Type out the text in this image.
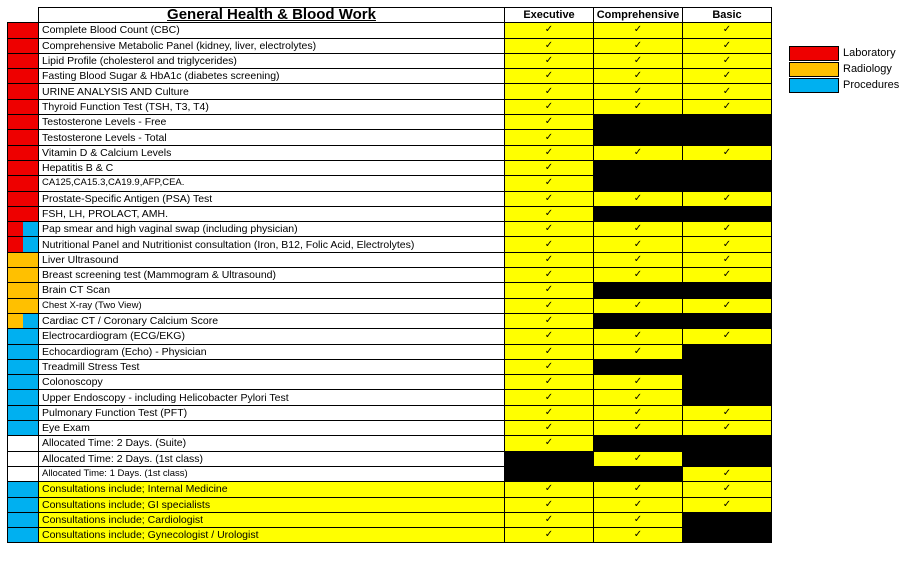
	General Health & Blood Work	Executive	Comprehensive	Basic
	Complete Blood Count (CBC)	✓	✓	✓
	Comprehensive Metabolic Panel (kidney, liver, electrolytes)	✓	✓	✓
	Lipid Profile (cholesterol and triglycerides)	✓	✓	✓
	Fasting Blood Sugar & HbA1c (diabetes screening)	✓	✓	✓
	URINE ANALYSIS AND Culture	✓	✓	✓
	Thyroid Function Test (TSH, T3, T4)	✓	✓	✓
	Testosterone Levels - Free	✓		
	Testosterone Levels - Total	✓		
	Vitamin D & Calcium Levels	✓	✓	✓
	Hepatitis B & C	✓		
	CA125,CA15.3,CA19.9,AFP,CEA.	✓		
	Prostate-Specific Antigen (PSA) Test	✓	✓	✓
	FSH, LH, PROLACT, AMH.	✓		

	Pap smear and high vaginal swap (including physician)	✓	✓	✓

	Nutritional Panel and Nutritionist consultation (Iron, B12, Folic Acid, Electrolytes)	✓	✓	✓
	Liver Ultrasound	✓	✓	✓
	Breast screening test (Mammogram & Ultrasound)	✓	✓	✓
	Brain CT Scan	✓		
	Chest X-ray (Two View)	✓	✓	✓

	Cardiac CT / Coronary Calcium Score	✓		
	Electrocardiogram (ECG/EKG)	✓	✓	✓
	Echocardiogram (Echo) - Physician	✓	✓	
	Treadmill Stress Test	✓		
	Colonoscopy	✓	✓	
	Upper Endoscopy - including Helicobacter Pylori Test	✓	✓	
	Pulmonary Function Test (PFT)	✓	✓	✓
	Eye Exam	✓	✓	✓
	Allocated Time: 2 Days. (Suite)	✓		
	Allocated Time: 2 Days. (1st class)		✓	
	Allocated Time: 1 Days. (1st class)			✓
	Consultations include; Internal Medicine	✓	✓	✓
	Consultations include; GI specialists	✓	✓	✓
	Consultations include; Cardiologist	✓	✓	
	Consultations include; Gynecologist / Urologist	✓	✓	
Laboratory
Radiology
Procedures
